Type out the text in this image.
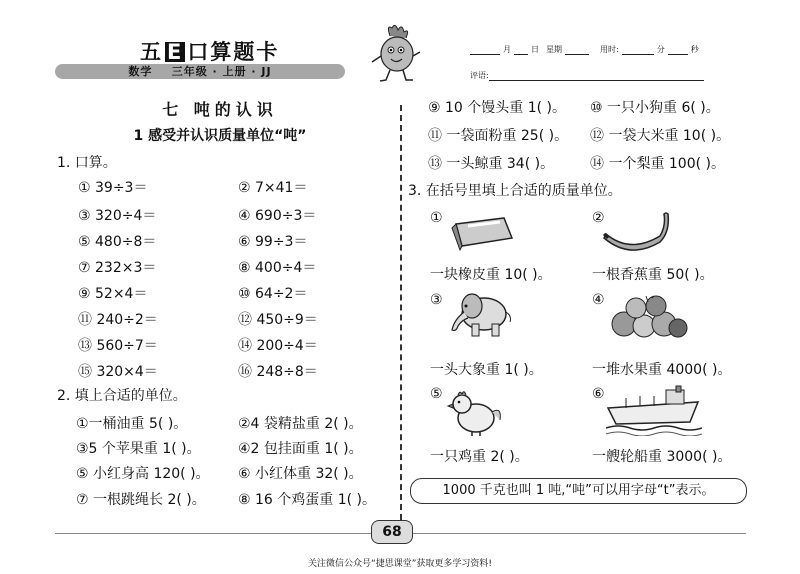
五 E 口算题卡
数学 三年级 · 上册 · JJ
月	日 星期	用时:	分	秒
评语:
七 吨的认识
1 感受并认识质量单位“吨”
1. 口算。
① 39÷3＝	② 7×41＝
③ 320÷4＝	④ 690÷3＝
⑤ 480÷8＝	⑥ 99÷3＝
⑦ 232×3＝	⑧ 400÷4＝
⑨ 52×4＝	⑩ 64÷2＝
⑪ 240÷2＝	⑫ 450÷9＝
⑬ 560÷7＝	⑭ 200÷4＝
⑮ 320×4＝	⑯ 248÷8＝
2. 填上合适的单位。
①一桶油重 5( )。	②4 袋精盐重 2( )。
③5 个苹果重 1( )。	④2 包挂面重 1( )。
⑤ 小红身高 120( )。 ⑥ 小红体重 32( )。
⑦ 一根跳绳长 2( )。 ⑧ 16 个鸡蛋重 1( )。
⑨ 10 个馒头重 1( )。 ⑩ 一只小狗重 6( )。
⑪ 一袋面粉重 25( )。 ⑫ 一袋大米重 10( )。
⑬ 一头鲸重 34( )。	⑭ 一个梨重 100( )。
3. 在括号里填上合适的质量单位。
①
一块橡皮重 10( )。
②
一根香蕉重 50( )。
③
一头大象重 1( )。
④
一堆水果重 4000( )。
⑤
一只鸡重 2( )。
⑥
一艘轮船重 3000( )。
1000 千克也叫 1 吨,“吨”可以用字母“t”表示。
68
关注微信公众号“捷思课堂”获取更多学习资料!
